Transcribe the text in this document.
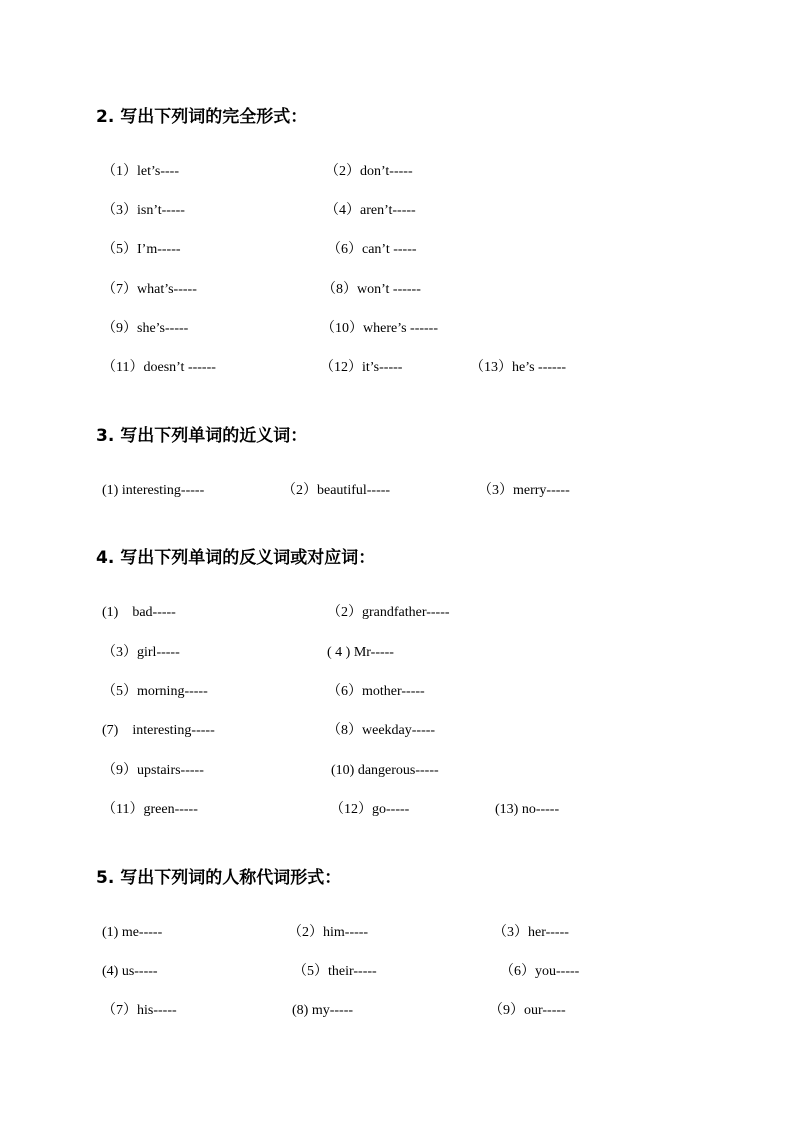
2. 写出下列词的完全形式：
（1）let’s----	（2）don’t-----
（3）isn’t-----	（4）aren’t-----
（5）I’m-----	（6）can’t -----
（7）what’s-----	（8）won’t ------
（9）she’s-----	（10）where’s ------
（11）doesn’t ------	（12）it’s-----	（13）he’s ------
3. 写出下列单词的近义词：
(1) interesting-----	（2）beautiful-----	（3）merry-----
4. 写出下列单词的反义词或对应词：
(1)    bad-----	（2）grandfather-----
（3）girl-----	( 4 ) Mr-----
（5）morning-----	（6）mother-----
(7)    interesting-----	（8）weekday-----
（9）upstairs-----	(10) dangerous-----
（11）green-----	（12）go-----	(13) no-----
5. 写出下列词的人称代词形式：
(1) me-----	（2）him-----	（3）her-----
(4) us-----	（5）their-----	（6）you-----
（7）his-----	(8) my-----	（9）our-----
